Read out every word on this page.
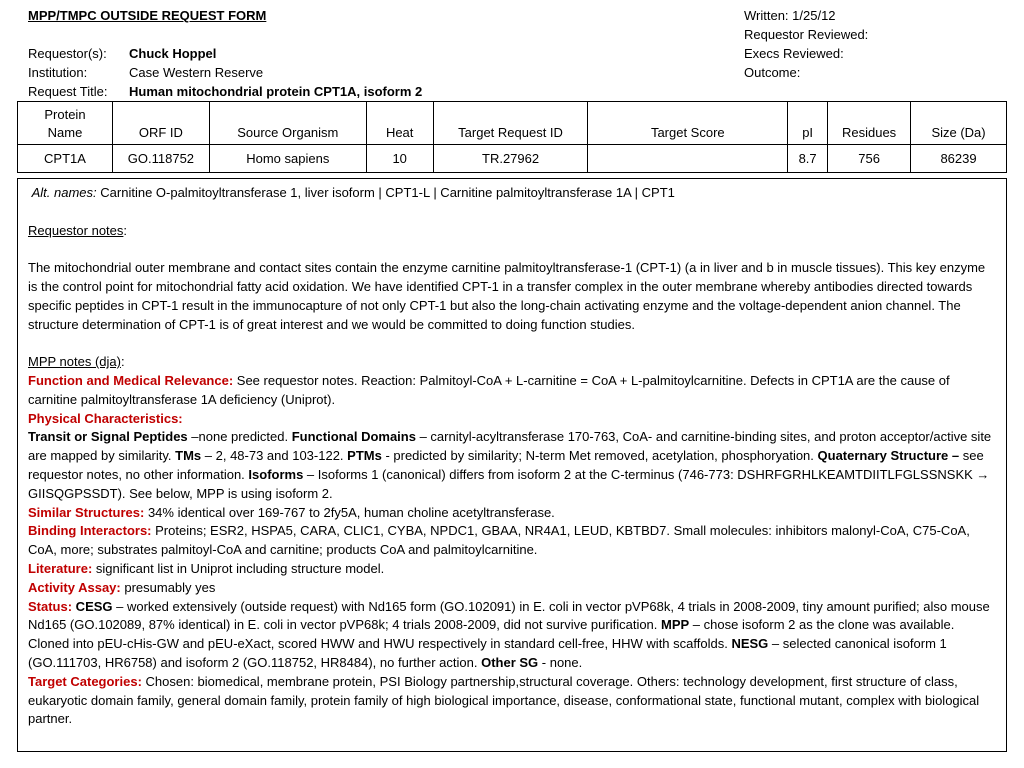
MPP/TMPC OUTSIDE REQUEST FORM
Requestor(s):	Chuck Hoppel
Institution:	Case Western Reserve
Request Title:	Human mitochondrial protein CPT1A, isoform 2
Written: 1/25/12
Requestor Reviewed:
Execs Reviewed:
Outcome:
Protein Name	ORF ID	Source Organism	Heat	Target Request ID	Target Score	pI	Residues	Size (Da)
CPT1A	GO.118752	Homo sapiens	10	TR.27962		8.7	756	86239

Alt. names: Carnitine O-palmitoyltransferase 1, liver isoform | CPT1-L | Carnitine palmitoyltransferase 1A | CPT1

Requestor notes:

The mitochondrial outer membrane and contact sites contain the enzyme carnitine palmitoyltransferase-1 (CPT-1) (a in liver and b in muscle tissues). This key enzyme is the control point for mitochondrial fatty acid oxidation. We have identified CPT-1 in a transfer complex in the outer membrane whereby antibodies directed towards specific peptides in CPT-1 result in the immunocapture of not only CPT-1 but also the long-chain activating enzyme and the voltage-dependent anion channel. The structure determination of CPT-1 is of great interest and we would be committed to doing function studies.

MPP notes (dja):

Function and Medical Relevance: See requestor notes. Reaction: Palmitoyl-CoA + L-carnitine = CoA + L-palmitoylcarnitine. Defects in CPT1A are the cause of carnitine palmitoyltransferase 1A deficiency (Uniprot).

Physical Characteristics:

Transit or Signal Peptides –none predicted. Functional Domains – carnityl-acyltransferase 170-763, CoA- and carnitine-binding sites, and proton acceptor/active site are mapped by similarity. TMs – 2, 48-73 and 103-122. PTMs - predicted by similarity; N-term Met removed, acetylation, phosphoryation. Quaternary Structure – see requestor notes, no other information. Isoforms – Isoforms 1 (canonical) differs from isoform 2 at the C-terminus (746-773: DSHRFGRHLKEAMTDIITLFGLSSNSKK → GIISQGPSSDT). See below, MPP is using isoform 2.

Similar Structures: 34% identical over 169-767 to 2fy5A, human choline acetyltransferase.

Binding Interactors: Proteins; ESR2, HSPA5, CARA, CLIC1, CYBA, NPDC1, GBAA, NR4A1, LEUD, KBTBD7. Small molecules: inhibitors malonyl-CoA, C75-CoA, CoA, more; substrates palmitoyl-CoA and carnitine; products CoA and palmitoylcarnitine.

Literature: significant list in Uniprot including structure model.

Activity Assay: presumably yes

Status: CESG – worked extensively (outside request) with Nd165 form (GO.102091) in E. coli in vector pVP68k, 4 trials in 2008-2009, tiny amount purified; also mouse Nd165 (GO.102089, 87% identical) in E. coli in vector pVP68k; 4 trials 2008-2009, did not survive purification. MPP – chose isoform 2 as the clone was available. Cloned into pEU-cHis-GW and pEU-eXact, scored HWW and HWU respectively in standard cell-free, HHW with scaffolds. NESG – selected canonical isoform 1 (GO.111703, HR6758) and isoform 2 (GO.118752, HR8484), no further action. Other SG - none.

Target Categories: Chosen: biomedical, membrane protein, PSI Biology partnership,structural coverage. Others: technology development, first structure of class, eukaryotic domain family, general domain family, protein family of high biological importance, disease, conformational state, functional mutant, complex with biological partner.
